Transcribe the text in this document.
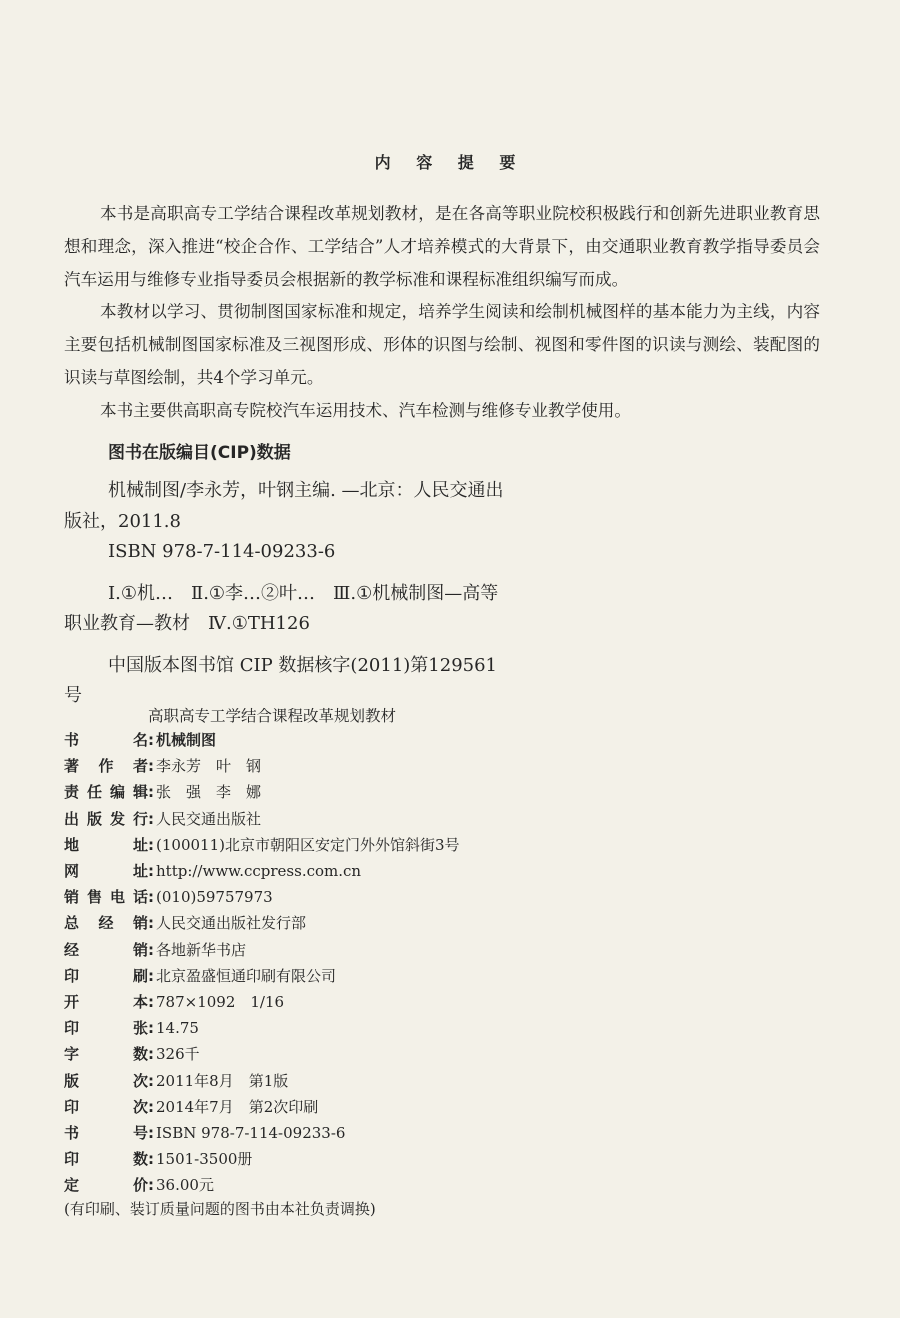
内 容 提 要

本书是高职高专工学结合课程改革规划教材，是在各高等职业院校积极践行和创新先进职业教育思想和理念，深入推进“校企合作、工学结合”人才培养模式的大背景下，由交通职业教育教学指导委员会汽车运用与维修专业指导委员会根据新的教学标准和课程标准组织编写而成。

本教材以学习、贯彻制图国家标准和规定，培养学生阅读和绘制机械图样的基本能力为主线，内容主要包括机械制图国家标准及三视图形成、形体的识图与绘制、视图和零件图的识读与测绘、装配图的识读与草图绘制，共4个学习单元。

本书主要供高职高专院校汽车运用技术、汽车检测与维修专业教学使用。

图书在版编目(CIP)数据

机械制图/李永芳，叶钢主编. —北京：人民交通出版社，2011.8

ISBN 978-7-114-09233-6

Ⅰ.①机…　Ⅱ.①李…②叶…　Ⅲ.①机械制图—高等职业教育—教材　Ⅳ.①TH126

中国版本图书馆 CIP 数据核字(2011)第129561号

高职高专工学结合课程改革规划教材
书名 : 机械制图
著作者 : 李永芳　叶　钢
责任编辑 : 张　强　李　娜
出版发行 : 人民交通出版社
地址 : (100011)北京市朝阳区安定门外外馆斜街3号
网址 : http://www.ccpress.com.cn
销售电话 : (010)59757973
总经销 : 人民交通出版社发行部
经销 : 各地新华书店
印刷 : 北京盈盛恒通印刷有限公司
开本 : 787×1092　1/16
印张 : 14.75
字数 : 326千
版次 : 2011年8月　第1版
印次 : 2014年7月　第2次印刷
书号 : ISBN 978-7-114-09233-6
印数 : 1501-3500册
定价 : 36.00元
(有印刷、装订质量问题的图书由本社负责调换)
